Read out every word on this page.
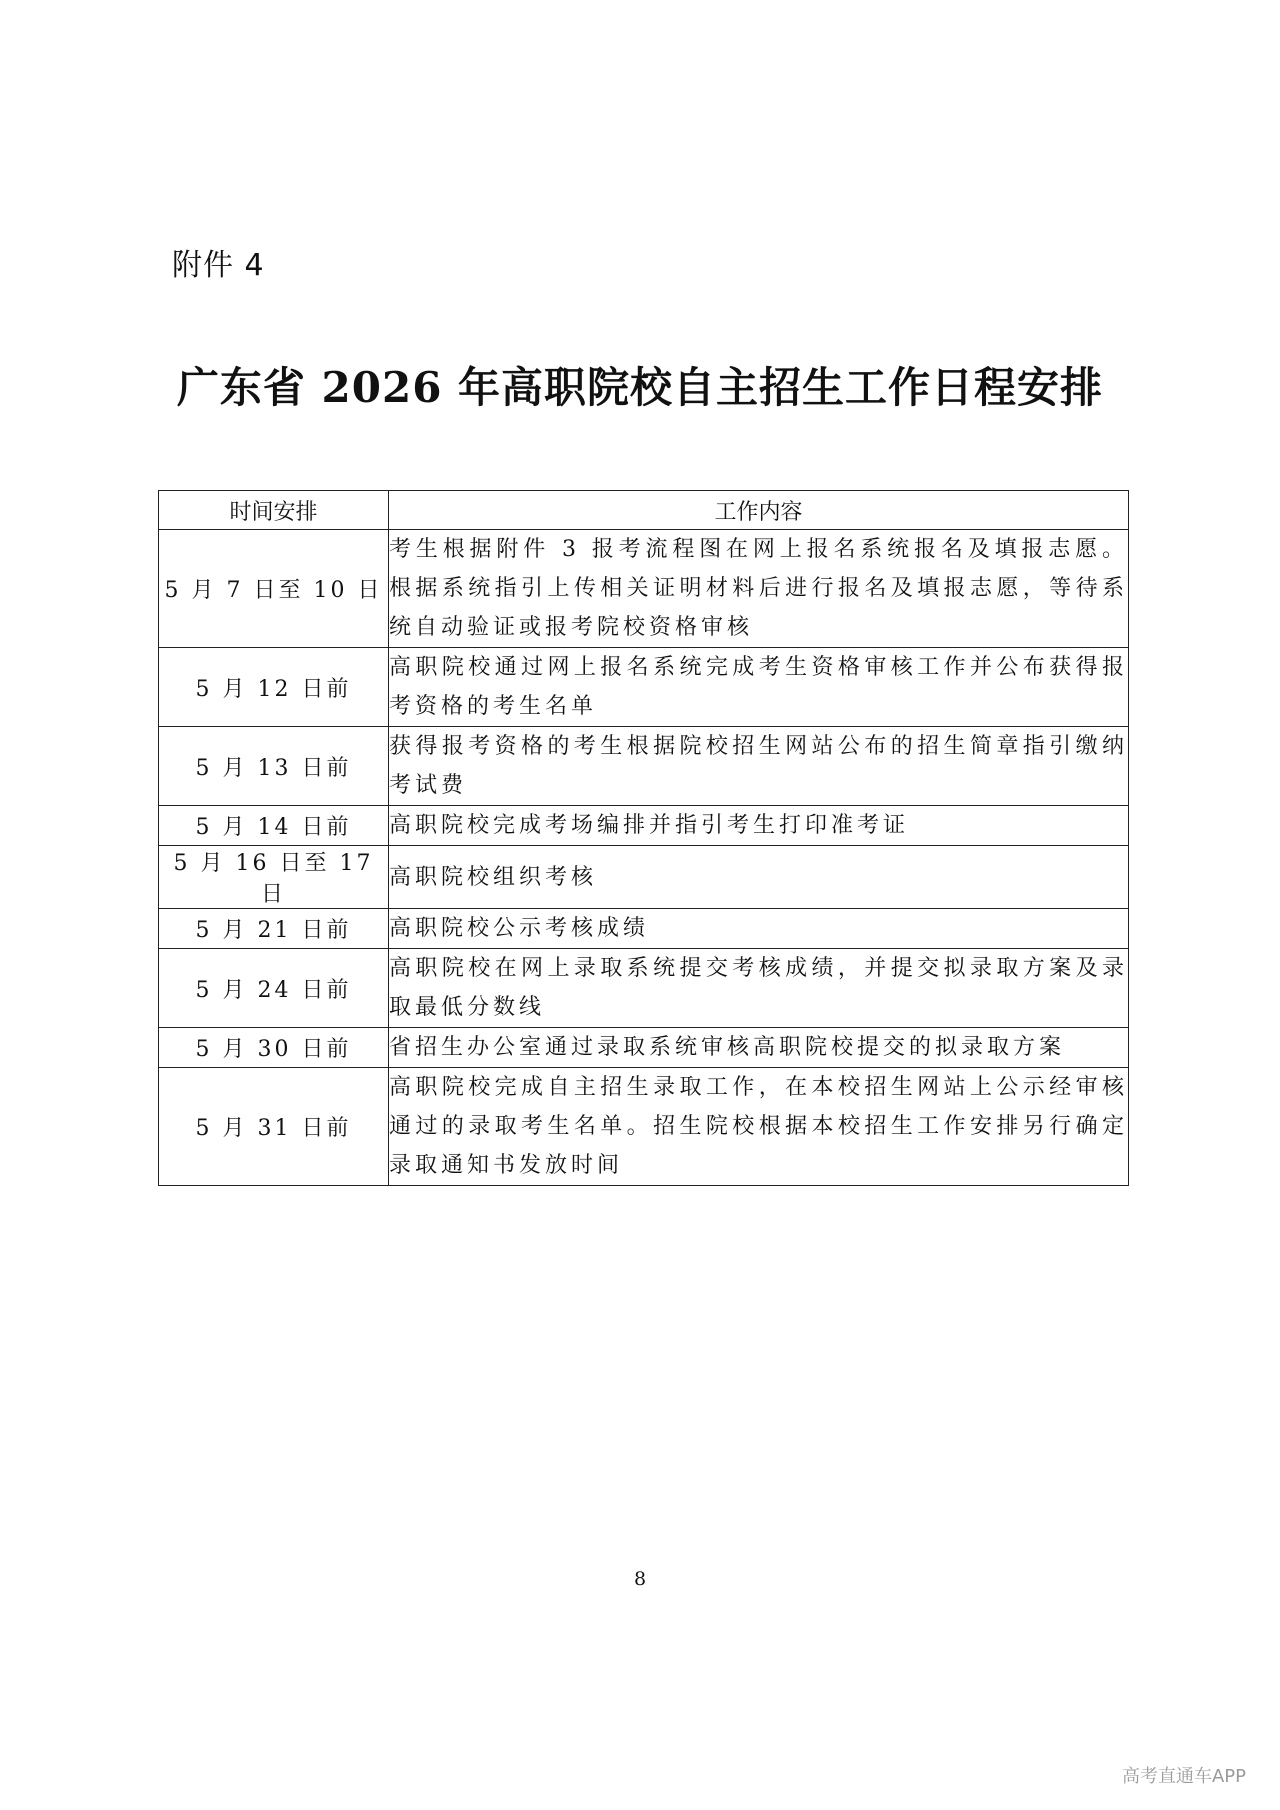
附件 4
广东省 2026 年高职院校自主招生工作日程安排
时间安排	工作内容
5 月 7 日至 10 日	考生根据附件 3 报考流程图在网上报名系统报名及填报志愿。根据系统指引上传相关证明材料后进行报名及填报志愿，等待系统自动验证或报考院校资格审核
5 月 12 日前	高职院校通过网上报名系统完成考生资格审核工作并公布获得报考资格的考生名单
5 月 13 日前	获得报考资格的考生根据院校招生网站公布的招生简章指引缴纳考试费
5 月 14 日前	高职院校完成考场编排并指引考生打印准考证
5 月 16 日至 17 日	高职院校组织考核
5 月 21 日前	高职院校公示考核成绩
5 月 24 日前	高职院校在网上录取系统提交考核成绩，并提交拟录取方案及录取最低分数线
5 月 30 日前	省招生办公室通过录取系统审核高职院校提交的拟录取方案
5 月 31 日前	高职院校完成自主招生录取工作，在本校招生网站上公示经审核通过的录取考生名单。招生院校根据本校招生工作安排另行确定录取通知书发放时间
8
高考直通车APP
